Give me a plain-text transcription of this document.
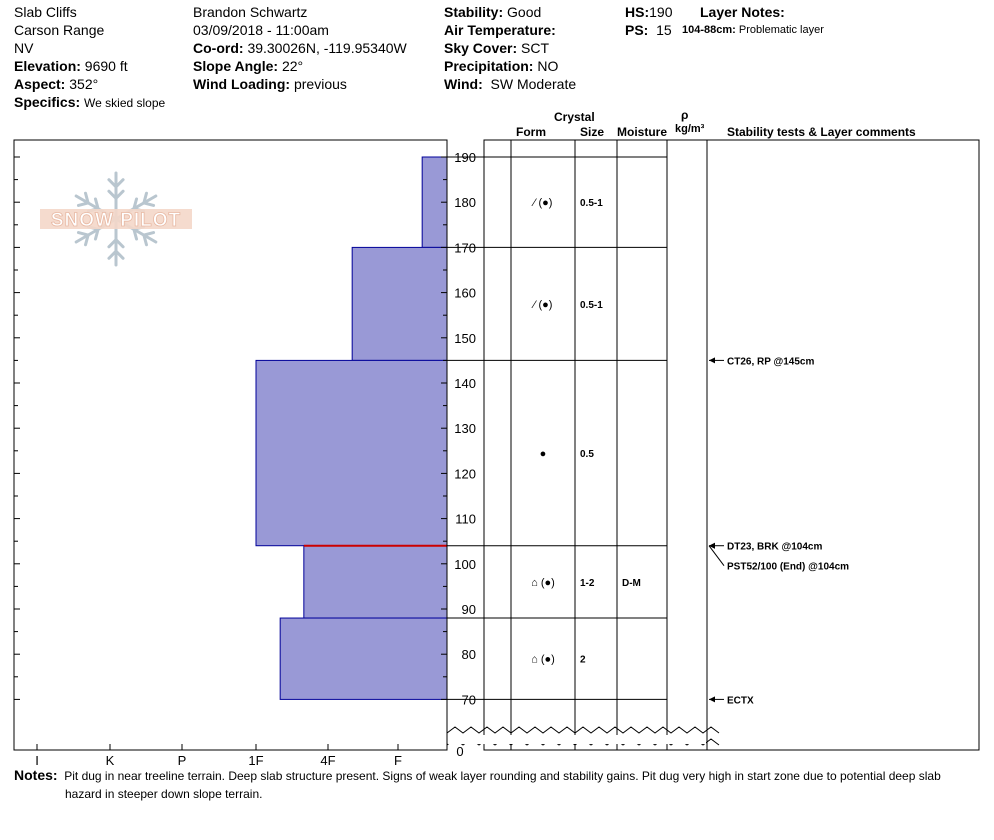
Slab Cliffs
Carson Range
NV
Elevation: 9690 ft
Aspect: 352°
Specifics: We skied slope
Brandon Schwartz
03/09/2018 - 11:00am
Co-ord: 39.30026N, -119.95340W
Slope Angle: 22°
Wind Loading: previous
Stability: Good
Air Temperature:
Sky Cover: SCT
Precipitation: NO
Wind: SW Moderate
HS:190
PS: 15
Layer Notes:
104-88cm: Problematic layer
Crystal
Form	Size Moisture
ρ
kg/m³ Stability tests & Layer comments
SNOW PILOT
190
180
170
160
150
140
130
120
110
100
90
80
70
0
I	K	P	1F	4F	F
⁄ (●)	0.5-1
⁄ (●)	0.5-1
●	0.5
⌂ (●)	1-2	D-M
⌂ (●)	2
CT26, RP @145cm
DT23, BRK @104cm
PST52/100 (End) @104cm
ECTX
Notes: Pit dug in near treeline terrain. Deep slab structure present. Signs of weak layer rounding and stability gains. Pit dug very high in start zone due to potential deep slab
hazard in steeper down slope terrain.
